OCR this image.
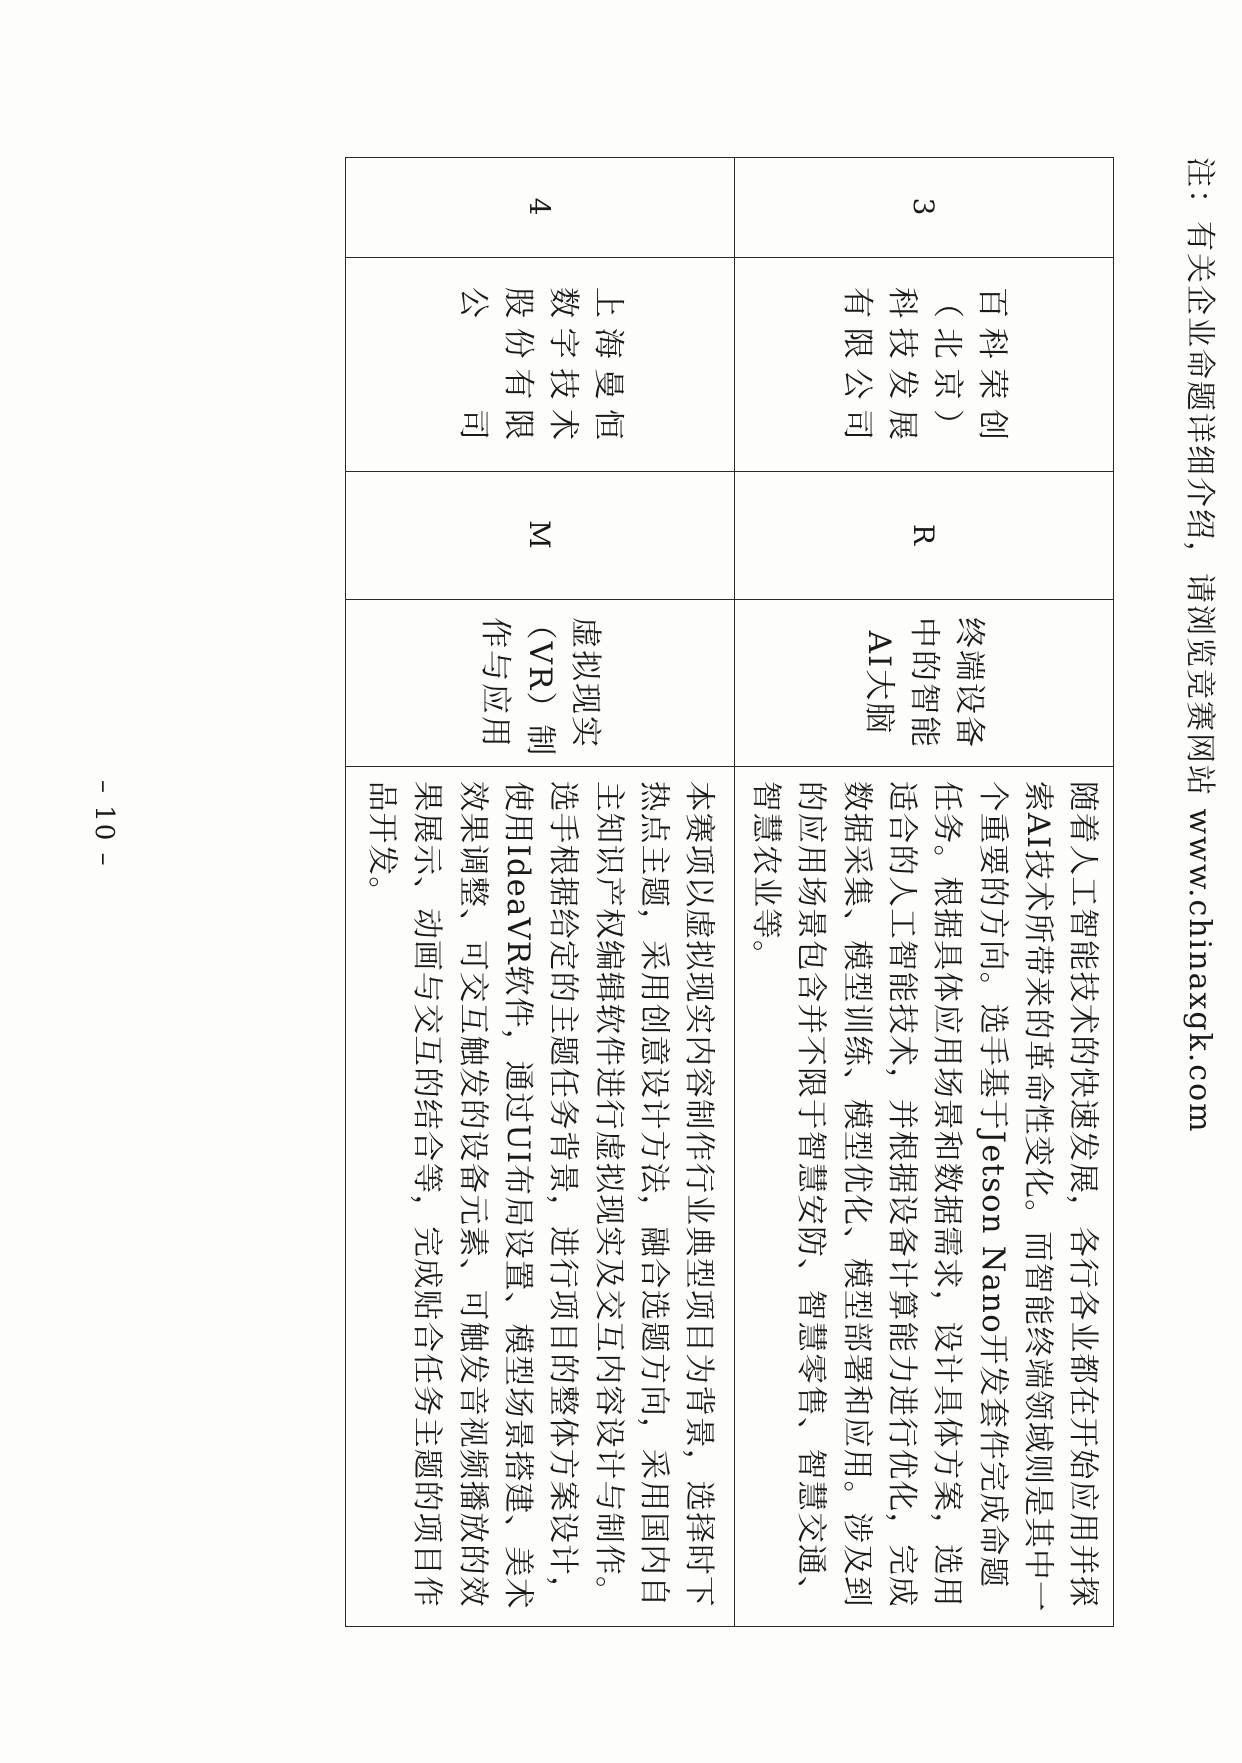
注：有关企业命题详细介绍，请浏览竞赛网站 www.chinaxgk.com
3	百科荣创（北京）科技发展有限公司	R	终端设备中的智能AI大脑	随着人工智能技术的快速发展，各行各业都在开始应用并探索AI技术所带来的革命性变化。而智能终端领域则是其中一个重要的方向。选手基于Jetson Nano开发套件完成命题任务。根据具体应用场景和数据需求，设计具体方案，选用适合的人工智能技术，并根据设备计算能力进行优化，完成数据采集、模型训练、模型优化、模型部署和应用。涉及到的应用场景包含并不限于智慧安防、智慧零售、智慧交通、智慧农业等。
4	上海曼恒数字技术股份有限公司	M	虚拟现实（VR）制作与应用	本赛项以虚拟现实内容制作行业典型项目为背景，选择时下热点主题，采用创意设计方法，融合选题方向，采用国内自主知识产权编辑软件进行虚拟现实及交互内容设计与制作。选手根据给定的主题任务背景，进行项目的整体方案设计，使用IdeaVR软件，通过UI布局设置、模型场景搭建、美术效果调整、可交互触发的设备元素、可触发音视频播放的效果展示、动画与交互的结合等，完成贴合任务主题的项目作品开发。
– 10 –
